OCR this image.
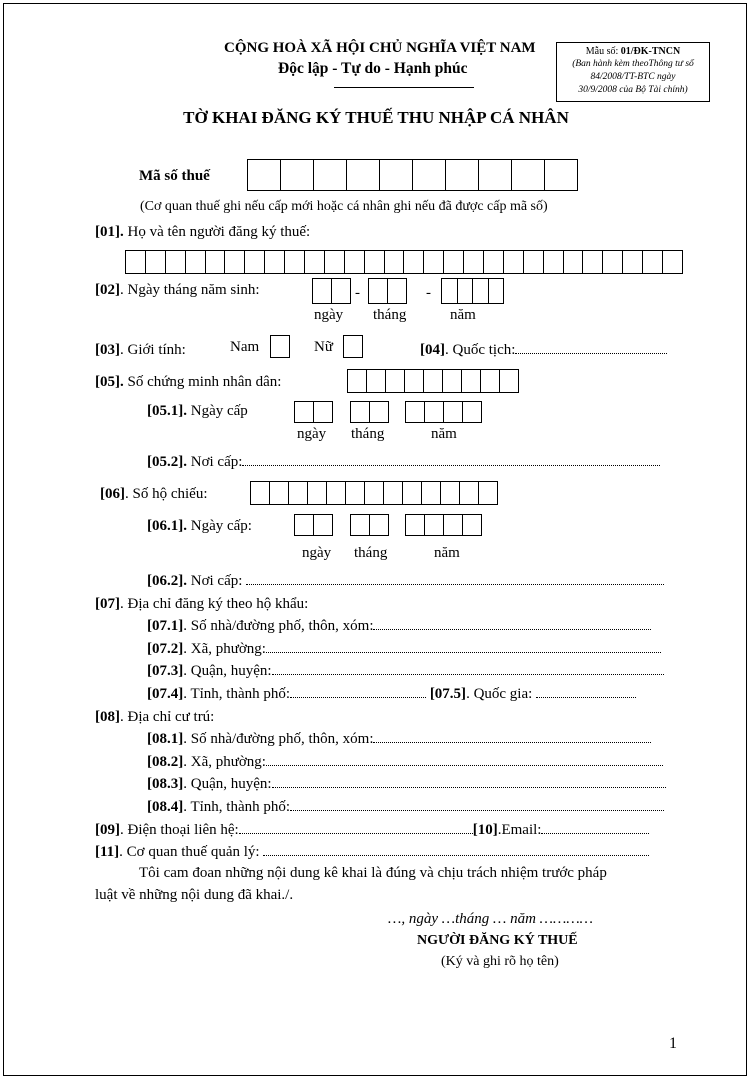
CỘNG HOÀ XÃ HỘI CHỦ NGHĨA VIỆT NAM
Độc lập - Tự do - Hạnh phúc
Mẫu số: 01/ĐK-TNCN
(Ban hành kèm theoThông tư số
84/2008/TT-BTC ngày
30/9/2008 của Bộ Tài chính)
TỜ KHAI ĐĂNG KÝ THUẾ THU NHẬP CÁ NHÂN
Mã số thuế
(Cơ quan thuế ghi nếu cấp mới hoặc cá nhân ghi nếu đã được cấp mã số)
[01]. Họ và tên người đăng ký thuế:
[02]. Ngày tháng năm sinh:	-	-
ngày tháng	năm
[03]. Giới tính:	Nam	Nữ	[04]. Quốc tịch:
[05]. Số chứng minh nhân dân:
[05.1]. Ngày cấp
ngày tháng	năm
[05.2]. Nơi cấp:
[06]. Số hộ chiếu:
[06.1]. Ngày cấp:
ngày tháng	năm
[06.2]. Nơi cấp:
[07]. Địa chỉ đăng ký theo hộ khẩu:
[07.1]. Số nhà/đường phố, thôn, xóm:
[07.2]. Xã, phường:
[07.3]. Quận, huyện:
[07.4]. Tỉnh, thành phố:	[07.5]. Quốc gia:
[08]. Địa chỉ cư trú:
[08.1]. Số nhà/đường phố, thôn, xóm:
[08.2]. Xã, phường:
[08.3]. Quận, huyện:
[08.4]. Tỉnh, thành phố:
[09]. Điện thoại liên hệ:	[10].Email:
[11]. Cơ quan thuế quản lý:
Tôi cam đoan những nội dung kê khai là đúng và chịu trách nhiệm trước pháp
luật về những nội dung đã khai./.
…, ngày …tháng … năm …………
NGƯỜI ĐĂNG KÝ THUẾ
(Ký và ghi rõ họ tên)
1
